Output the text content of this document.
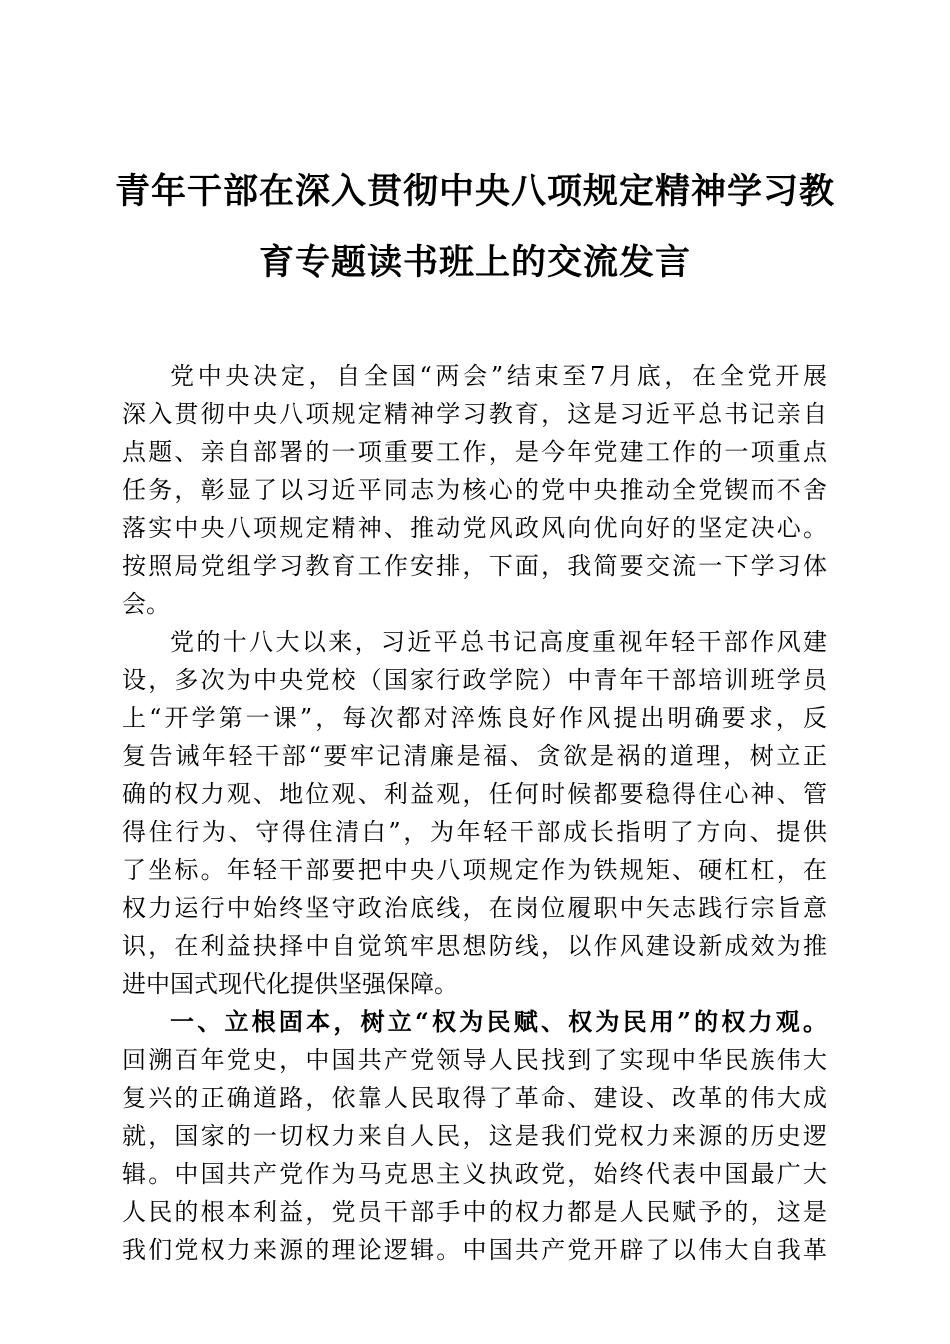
青年干部在深入贯彻中央八项规定精神学习教
育专题读书班上的交流发言
党中央决定，自全国“两会”结束至7月底，在全党开展
深入贯彻中央八项规定精神学习教育，这是习近平总书记亲自
点题、亲自部署的一项重要工作，是今年党建工作的一项重点
任务，彰显了以习近平同志为核心的党中央推动全党锲而不舍
落实中央八项规定精神、推动党风政风向优向好的坚定决心。
按照局党组学习教育工作安排，下面，我简要交流一下学习体
会。
党的十八大以来，习近平总书记高度重视年轻干部作风建
设，多次为中央党校（国家行政学院）中青年干部培训班学员
上“开学第一课”，每次都对淬炼良好作风提出明确要求，反
复告诫年轻干部“要牢记清廉是福、贪欲是祸的道理，树立正
确的权力观、地位观、利益观，任何时候都要稳得住心神、管
得住行为、守得住清白”，为年轻干部成长指明了方向、提供
了坐标。年轻干部要把中央八项规定作为铁规矩、硬杠杠，在
权力运行中始终坚守政治底线，在岗位履职中矢志践行宗旨意
识，在利益抉择中自觉筑牢思想防线，以作风建设新成效为推
进中国式现代化提供坚强保障。
一、立根固本，树立“权为民赋、权为民用”的权力观。
回溯百年党史，中国共产党领导人民找到了实现中华民族伟大
复兴的正确道路，依靠人民取得了革命、建设、改革的伟大成
就，国家的一切权力来自人民，这是我们党权力来源的历史逻
辑。中国共产党作为马克思主义执政党，始终代表中国最广大
人民的根本利益，党员干部手中的权力都是人民赋予的，这是
我们党权力来源的理论逻辑。中国共产党开辟了以伟大自我革
